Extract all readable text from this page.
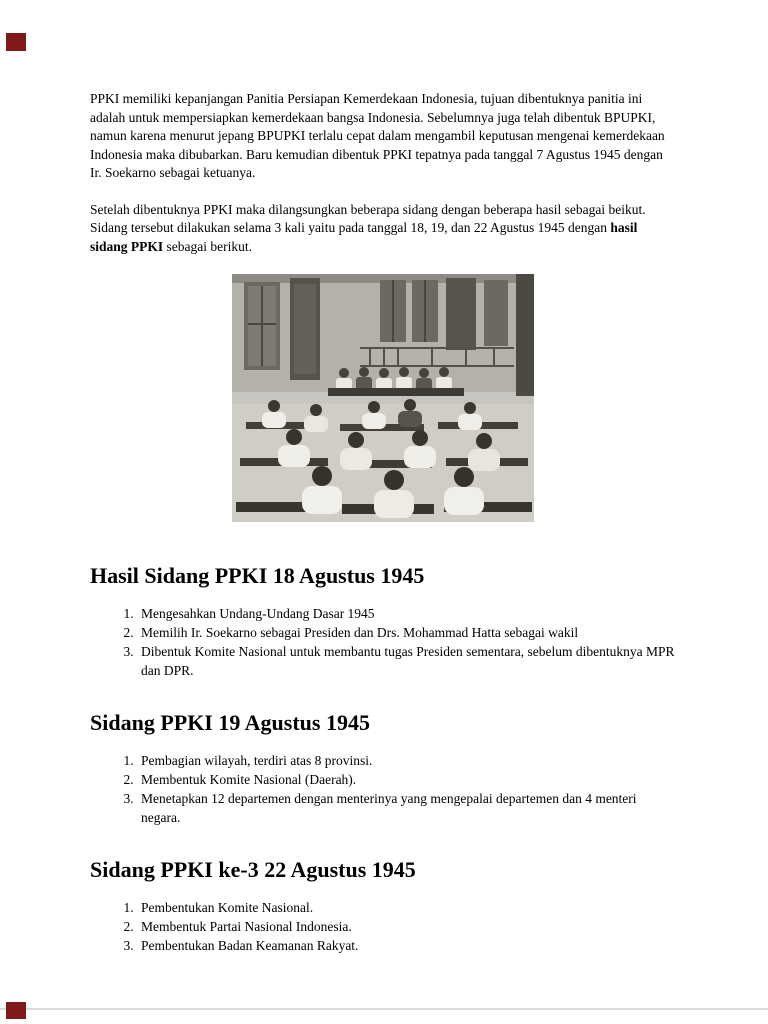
PPKI memiliki kepanjangan Panitia Persiapan Kemerdekaan Indonesia, tujuan dibentuknya panitia ini adalah untuk mempersiapkan kemerdekaan bangsa Indonesia. Sebelumnya juga telah dibentuk BPUPKI, namun karena menurut jepang BPUPKI terlalu cepat dalam mengambil keputusan mengenai kemerdekaan Indonesia maka dibubarkan. Baru kemudian dibentuk PPKI tepatnya pada tanggal 7 Agustus 1945 dengan Ir. Soekarno sebagai ketuanya.

Setelah dibentuknya PPKI maka dilangsungkan beberapa sidang dengan beberapa hasil sebagai beikut. Sidang tersebut dilakukan selama 3 kali yaitu pada tanggal 18, 19, dan 22 Agustus 1945 dengan hasil sidang PPKI sebagai berikut.

Hasil Sidang PPKI 18 Agustus 1945
1. Mengesahkan Undang-Undang Dasar 1945
2. Memilih Ir. Soekarno sebagai Presiden dan Drs. Mohammad Hatta sebagai wakil
3. Dibentuk Komite Nasional untuk membantu tugas Presiden sementara, sebelum dibentuknya MPR dan DPR.
Sidang PPKI 19 Agustus 1945
1. Pembagian wilayah, terdiri atas 8 provinsi.
2. Membentuk Komite Nasional (Daerah).
3. Menetapkan 12 departemen dengan menterinya yang mengepalai departemen dan 4 menteri negara.
Sidang PPKI ke-3 22 Agustus 1945
1. Pembentukan Komite Nasional.
2. Membentuk Partai Nasional Indonesia.
3. Pembentukan Badan Keamanan Rakyat.
